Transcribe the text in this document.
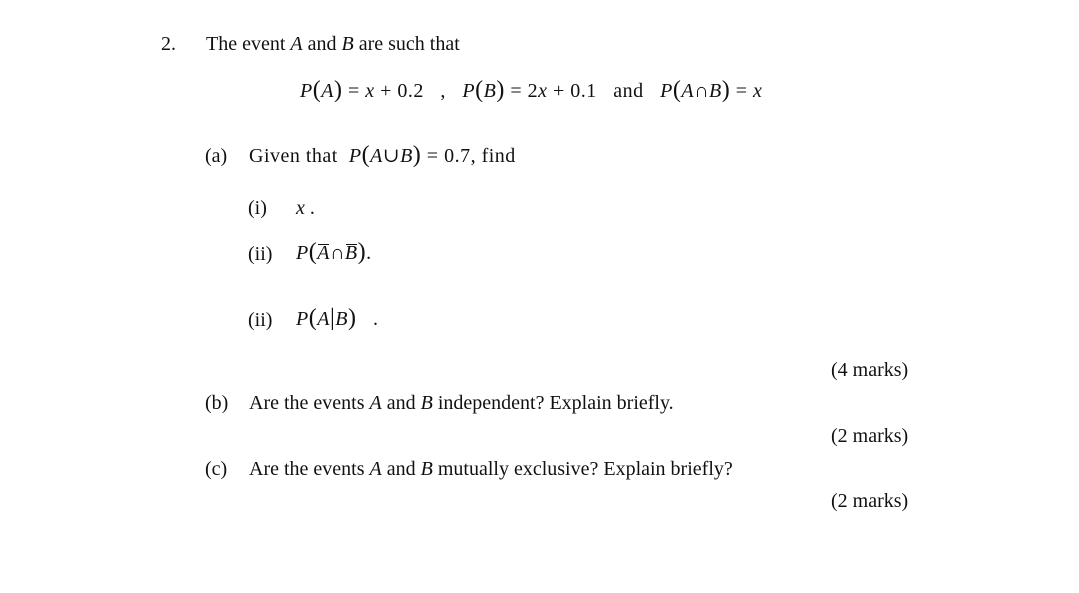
2. The event A and B are such that
P(A) = x + 0.2   ,   P(B) = 2x + 0.1   and   P(A∩B) = x
(a) Given that  P(A∪B) = 0.7, find
(i) x .
(ii) P(A∩B).
(ii) P(A|B)   .
(4 marks)
(b) Are the events A and B independent? Explain briefly.
(2 marks)
(c) Are the events A and B mutually exclusive? Explain briefly?
(2 marks)
